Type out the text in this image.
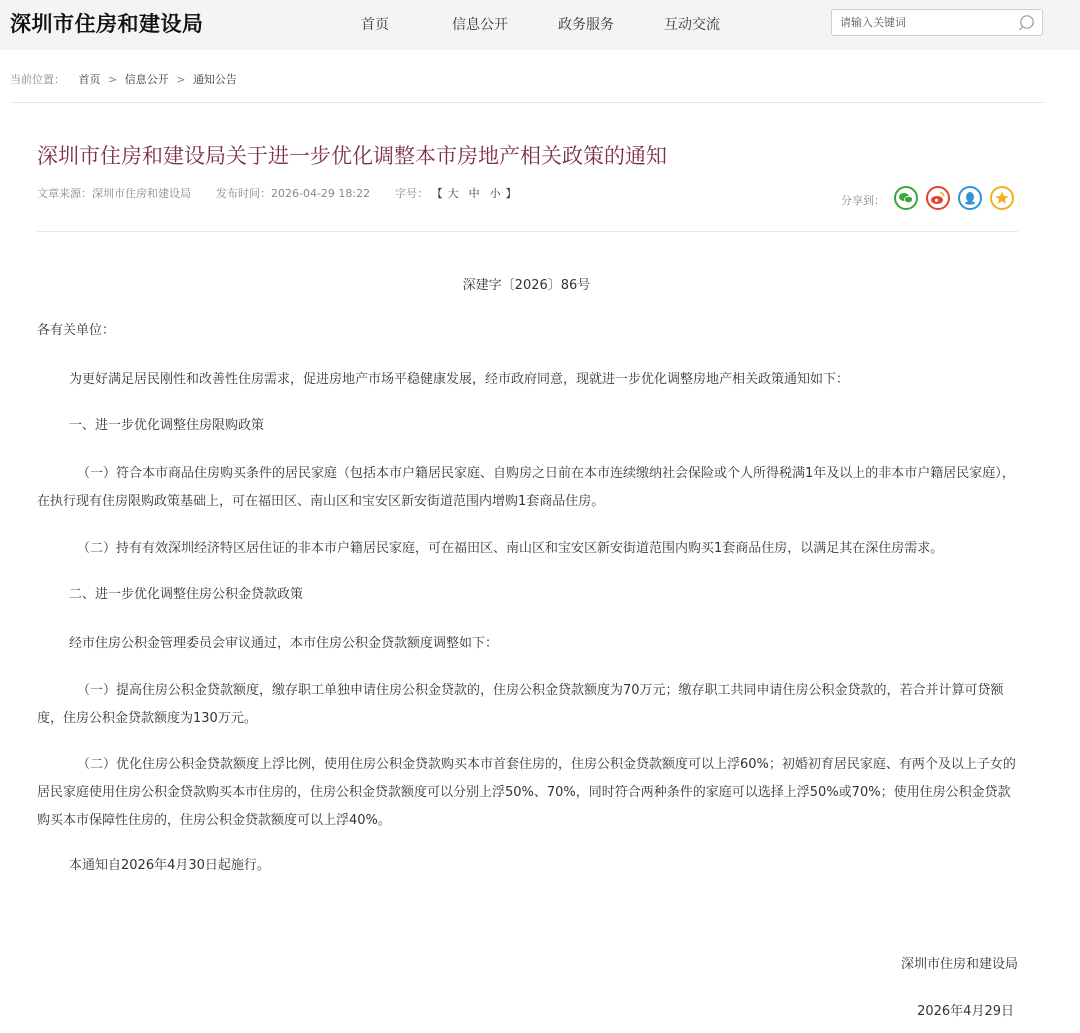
深圳市住房和建设局	首页	信息公开	政务服务	互动交流
请输入关键词
当前位置： 首页 > 信息公开 > 通知公告
深圳市住房和建设局关于进一步优化调整本市房地产相关政策的通知
文章来源：深圳市住房和建设局 发布时间：2026-04-29 18:22 字号： 【 大 中 小 】
分享到：
深建字〔2026〕86号

各有关单位：

为更好满足居民刚性和改善性住房需求，促进房地产市场平稳健康发展，经市政府同意，现就进一步优化调整房地产相关政策通知如下：

一、进一步优化调整住房限购政策

（一）符合本市商品住房购买条件的居民家庭（包括本市户籍居民家庭、自购房之日前在本市连续缴纳社会保险或个人所得税满1年及以上的非本市户籍居民家庭），在执行现有住房限购政策基础上，可在福田区、南山区和宝安区新安街道范围内增购1套商品住房。

（二）持有有效深圳经济特区居住证的非本市户籍居民家庭，可在福田区、南山区和宝安区新安街道范围内购买1套商品住房，以满足其在深住房需求。

二、进一步优化调整住房公积金贷款政策

经市住房公积金管理委员会审议通过，本市住房公积金贷款额度调整如下：

（一）提高住房公积金贷款额度，缴存职工单独申请住房公积金贷款的，住房公积金贷款额度为70万元；缴存职工共同申请住房公积金贷款的，若合并计算可贷额度，住房公积金贷款额度为130万元。

（二）优化住房公积金贷款额度上浮比例，使用住房公积金贷款购买本市首套住房的，住房公积金贷款额度可以上浮60%；初婚初育居民家庭、有两个及以上子女的居民家庭使用住房公积金贷款购买本市住房的，住房公积金贷款额度可以分别上浮50%、70%，同时符合两种条件的家庭可以选择上浮50%或70%；使用住房公积金贷款购买本市保障性住房的，住房公积金贷款额度可以上浮40%。

本通知自2026年4月30日起施行。

深圳市住房和建设局
2026年4月29日
